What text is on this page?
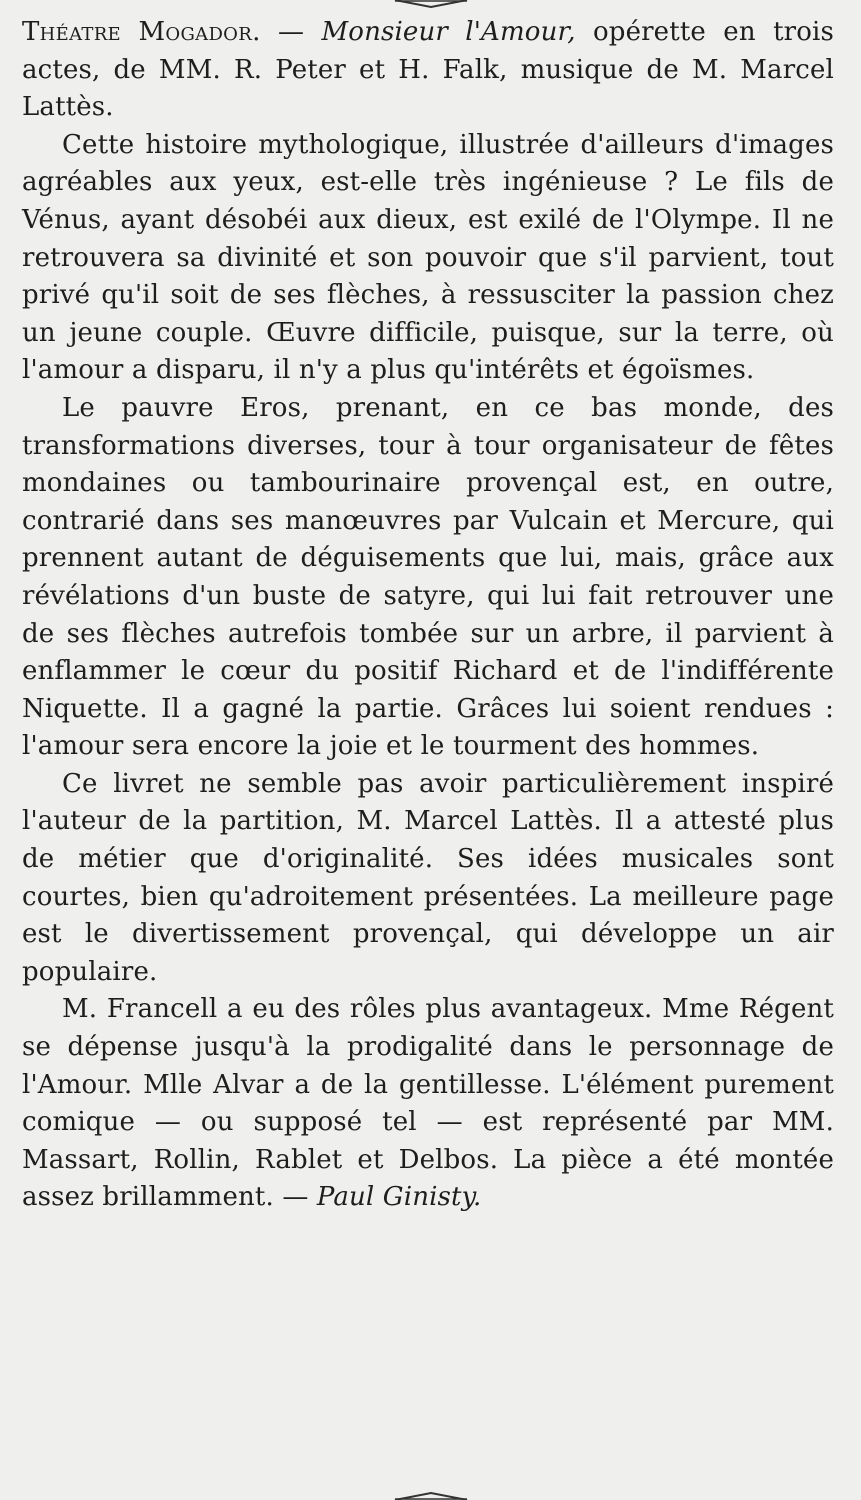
Théatre Mogador. — Monsieur l'Amour, opérette en trois actes, de MM. R. Peter et H. Falk, musique de M. Marcel Lattès.

Cette histoire mythologique, illustrée d'ailleurs d'images agréables aux yeux, est-elle très ingénieuse ? Le fils de Vénus, ayant désobéi aux dieux, est exilé de l'Olympe. Il ne retrouvera sa divinité et son pouvoir que s'il parvient, tout privé qu'il soit de ses flèches, à ressusciter la passion chez un jeune couple. Œuvre difficile, puisque, sur la terre, où l'amour a disparu, il n'y a plus qu'intérêts et égoïsmes.

Le pauvre Eros, prenant, en ce bas monde, des transformations diverses, tour à tour organisateur de fêtes mondaines ou tambourinaire provençal est, en outre, contrarié dans ses manœuvres par Vulcain et Mercure, qui prennent autant de déguisements que lui, mais, grâce aux révélations d'un buste de satyre, qui lui fait retrouver une de ses flèches autrefois tombée sur un arbre, il parvient à enflammer le cœur du positif Richard et de l'indifférente Niquette. Il a gagné la partie. Grâces lui soient rendues : l'amour sera encore la joie et le tourment des hommes.

Ce livret ne semble pas avoir particulièrement inspiré l'auteur de la partition, M. Marcel Lattès. Il a attesté plus de métier que d'originalité. Ses idées musicales sont courtes, bien qu'adroitement présentées. La meilleure page est le divertissement provençal, qui développe un air populaire.

M. Francell a eu des rôles plus avantageux. Mme Régent se dépense jusqu'à la prodigalité dans le personnage de l'Amour. Mlle Alvar a de la gentillesse. L'élément purement comique — ou supposé tel — est représenté par MM. Massart, Rollin, Rablet et Delbos. La pièce a été montée assez brillamment. — Paul Ginisty.
